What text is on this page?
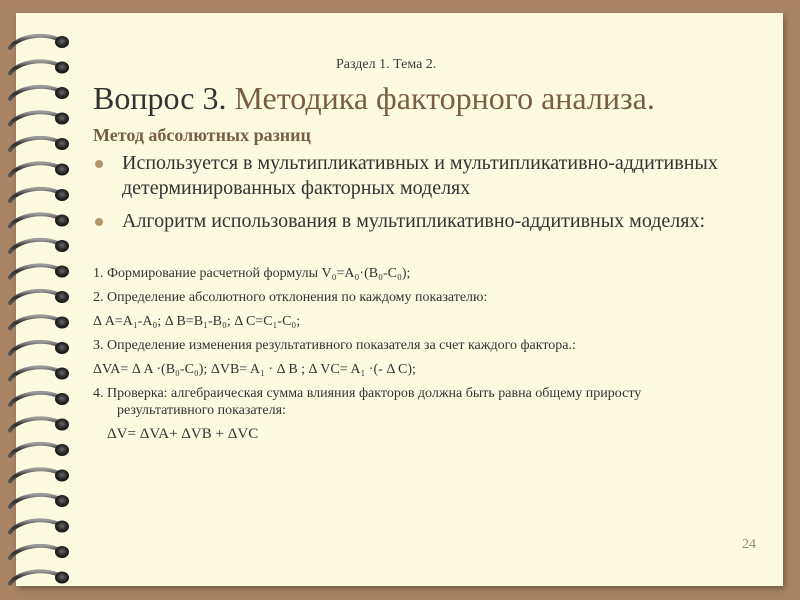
Раздел 1. Тема 2.
Вопрос 3. Методика факторного анализа.
Метод абсолютных разниц
Используется в мультипликативных и мультипликативно-аддитивных детерминированных факторных моделях
Алгоритм использования в мультипликативно-аддитивных моделях:

1. Формирование расчетной формулы V₀=A₀·(B₀-C₀);

2. Определение абсолютного отклонения по каждому показателю:

Δ A=A₁-A₀; Δ B=B₁-B₀; Δ C=C₁-C₀;

3. Определение изменения результативного показателя за счет каждого фактора.:

ΔVA= Δ A ·(B₀-C₀); ΔVB= A₁ · Δ B ; Δ VC= A₁ ·(- Δ C);

4. Проверка: алгебраическая сумма влияния факторов должна быть равна общему приросту
результативного показателя:

ΔV= ΔVA+ ΔVB + ΔVC

24
